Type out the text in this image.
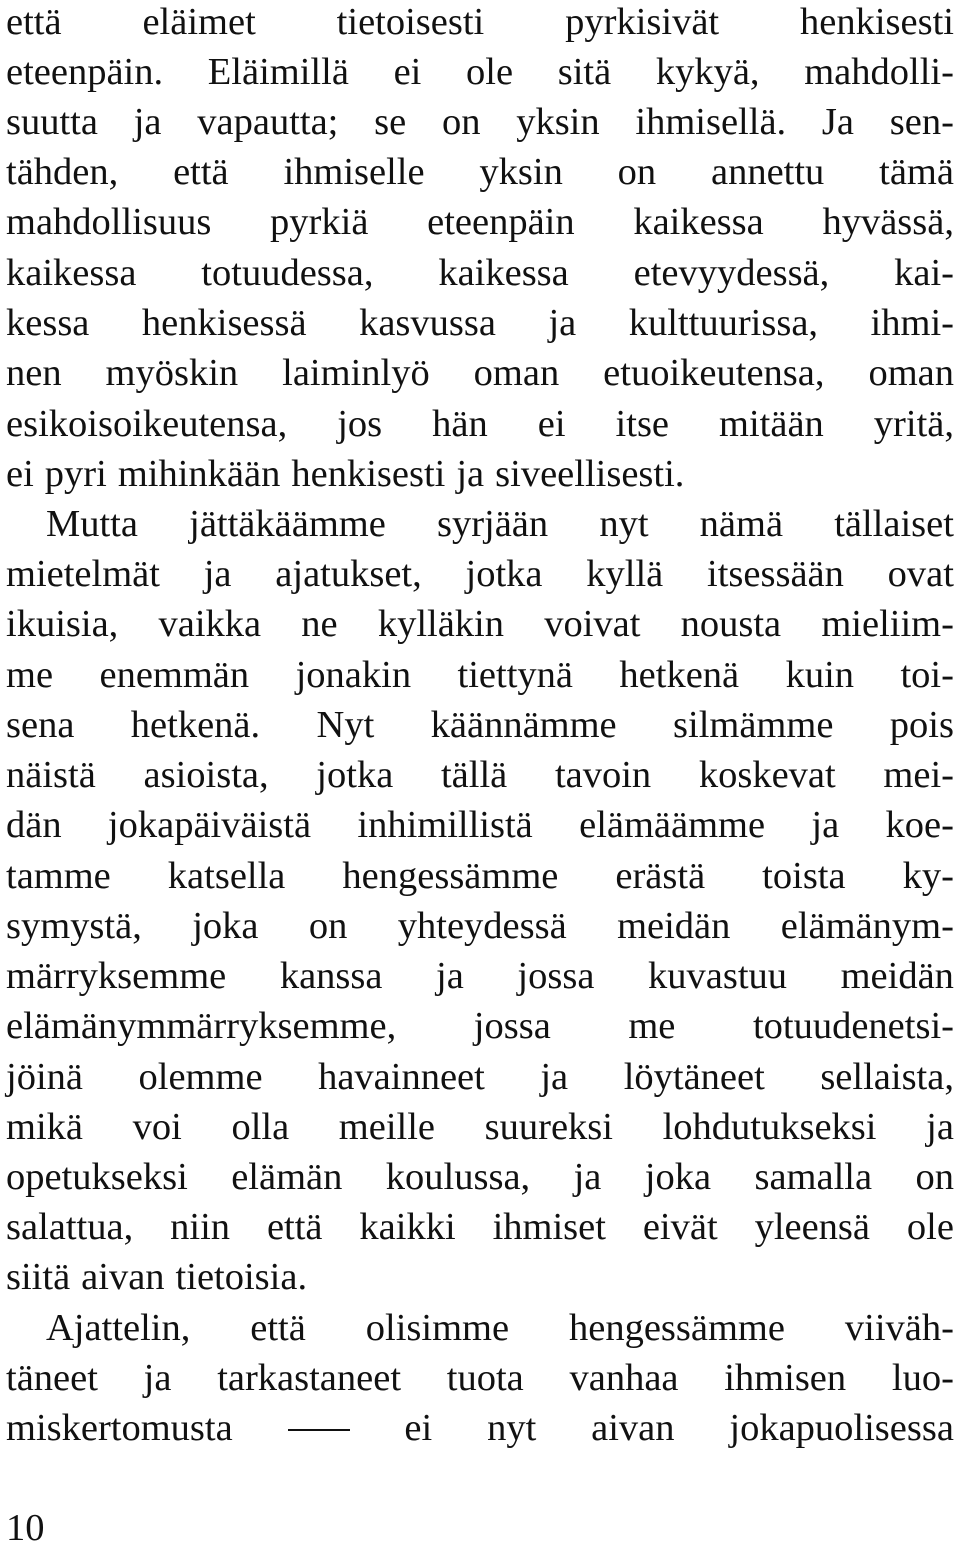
että eläimet tietoisesti pyrkisivät henkisesti
eteenpäin. Eläimillä ei ole sitä kykyä, mahdolli-
suutta ja vapautta; se on yksin ihmisellä. Ja sen-
tähden, että ihmiselle yksin on annettu tämä
mahdollisuus pyrkiä eteenpäin kaikessa hyvässä,
kaikessa totuudessa, kaikessa etevyydessä, kai-
kessa henkisessä kasvussa ja kulttuurissa, ihmi-
nen myöskin laiminlyö oman etuoikeutensa, oman
esikoisoikeutensa, jos hän ei itse mitään yritä,
ei pyri mihinkään henkisesti ja siveellisesti.
Mutta jättäkäämme syrjään nyt nämä tällaiset
mietelmät ja ajatukset, jotka kyllä itsessään ovat
ikuisia, vaikka ne kylläkin voivat nousta mieliim-
me enemmän jonakin tiettynä hetkenä kuin toi-
sena hetkenä. Nyt käännämme silmämme pois
näistä asioista, jotka tällä tavoin koskevat mei-
dän jokapäiväistä inhimillistä elämäämme ja koe-
tamme katsella hengessämme erästä toista ky-
symystä, joka on yhteydessä meidän elämänym-
märryksemme kanssa ja jossa kuvastuu meidän
elämänymmärryksemme, jossa me totuudenetsi-
jöinä olemme havainneet ja löytäneet sellaista,
mikä voi olla meille suureksi lohdutukseksi ja
opetukseksi elämän koulussa, ja joka samalla on
salattua, niin että kaikki ihmiset eivät yleensä ole
siitä aivan tietoisia.
Ajattelin, että olisimme hengessämme viiväh-
täneet ja tarkastaneet tuota vanhaa ihmisen luo-
miskertomusta	ei nyt aivan jokapuolisessa
10
